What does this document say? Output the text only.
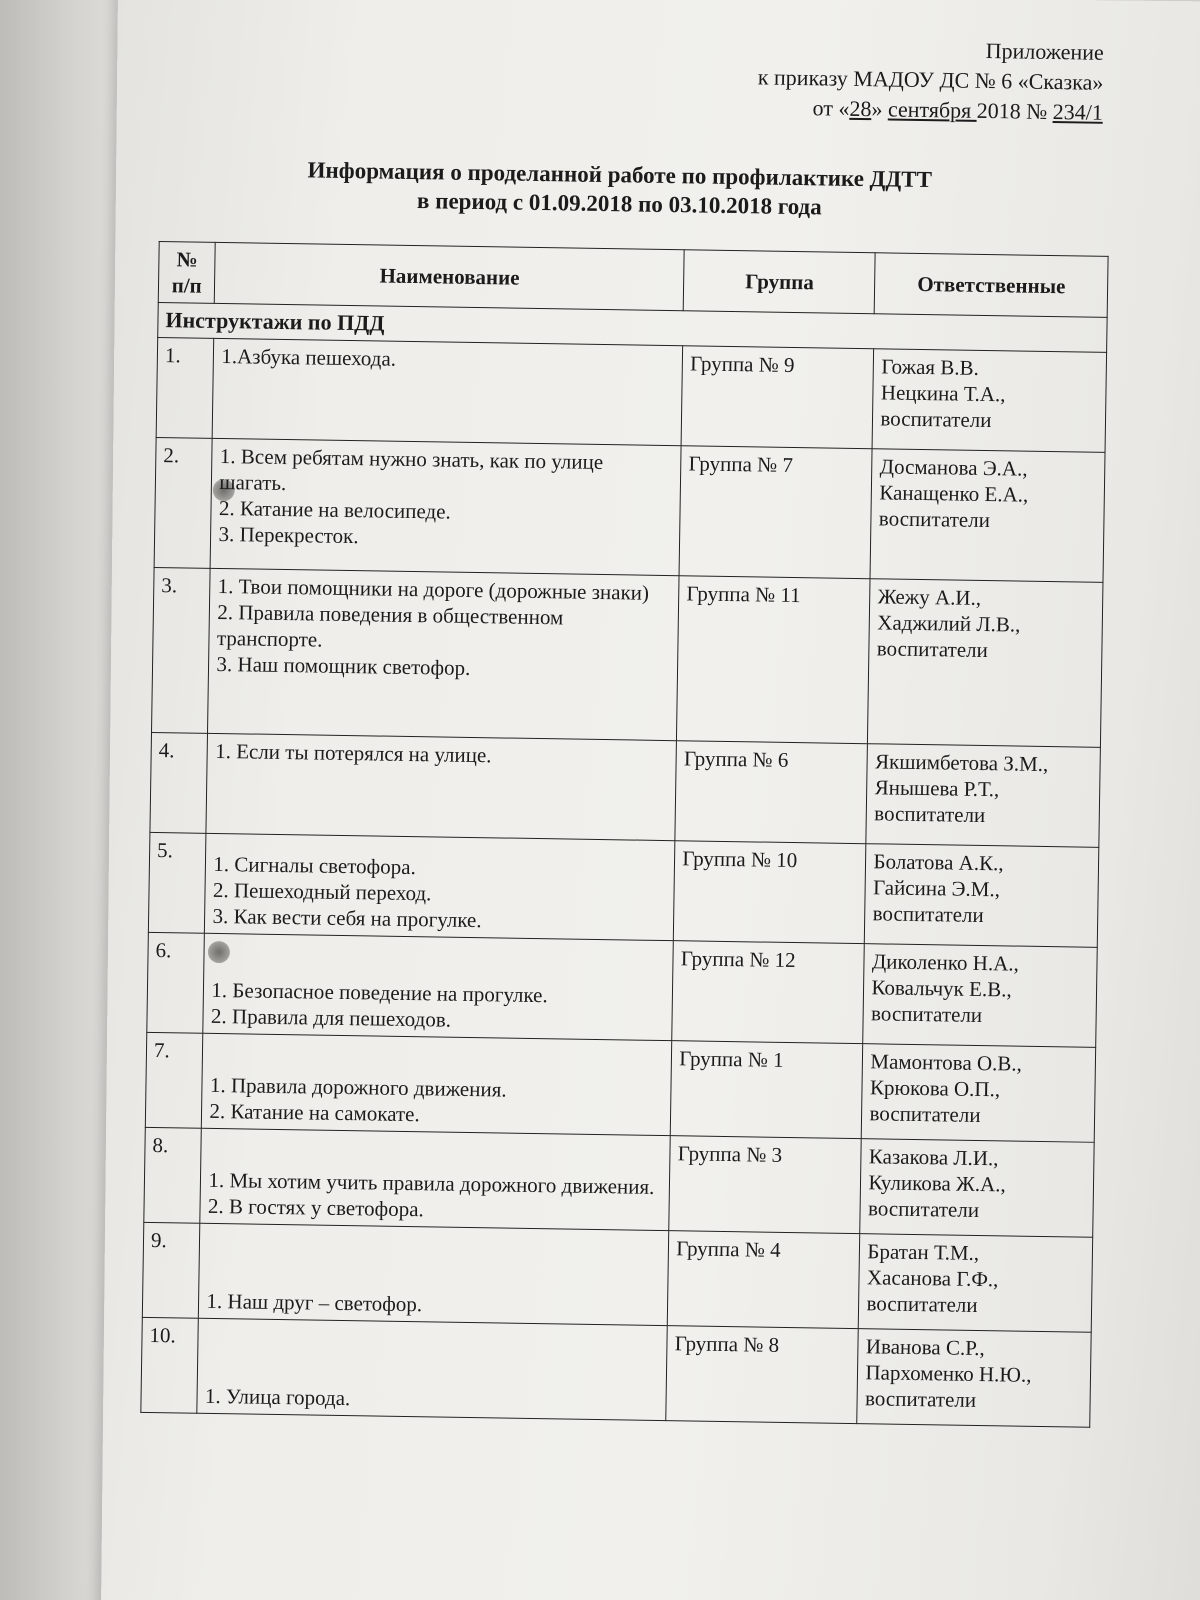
Приложение
к приказу МАДОУ ДС № 6 «Сказка»
от «28» сентября 2018 № 234/1
Информация о проделанной работе по профилактике ДДТТ
в период с 01.09.2018 по 03.10.2018 года
№ п/п	Наименование	Группа	Ответственные
Инструктажи по ПДД			
1.	1.Азбука пешехода.	Группа № 9	Гожая В.В.
Нецкина Т.А.,
воспитатели

2.	1. Всем ребятам нужно знать, как по улице шагать.
2. Катание на велосипеде.
3. Перекресток.	Группа № 7	Досманова Э.А.,
Канащенко Е.А.,
воспитатели

3.	1. Твои помощники на дороге (дорожные знаки)
2. Правила поведения в общественном транспорте.
3. Наш помощник светофор.	Группа № 11	Жежу А.И.,
Хаджилий Л.В.,
воспитатели

4.	1. Если ты потерялся на улице.	Группа № 6	Якшимбетова З.М.,
Янышева Р.Т.,
воспитатели

5.	1. Сигналы светофора.
2. Пешеходный переход.
3. Как вести себя на прогулке.	Группа № 10	Болатова А.К.,
Гайсина Э.М.,
воспитатели

6.	1. Безопасное поведение на прогулке.
2. Правила для пешеходов.	Группа № 12	Диколенко Н.А.,
Ковальчук Е.В.,
воспитатели

7.	1. Правила дорожного движения.
2. Катание на самокате.	Группа № 1	Мамонтова О.В.,
Крюкова О.П.,
воспитатели

8.	1. Мы хотим учить правила дорожного движения.
2. В гостях у светофора.	Группа № 3	Казакова Л.И.,
Куликова Ж.А.,
воспитатели

9.	1. Наш друг – светофор.	Группа № 4	Братан Т.М.,
Хасанова Г.Ф.,
воспитатели

10.	1. Улица города.	Группа № 8	Иванова С.Р.,
Пархоменко Н.Ю.,
воспитатели
